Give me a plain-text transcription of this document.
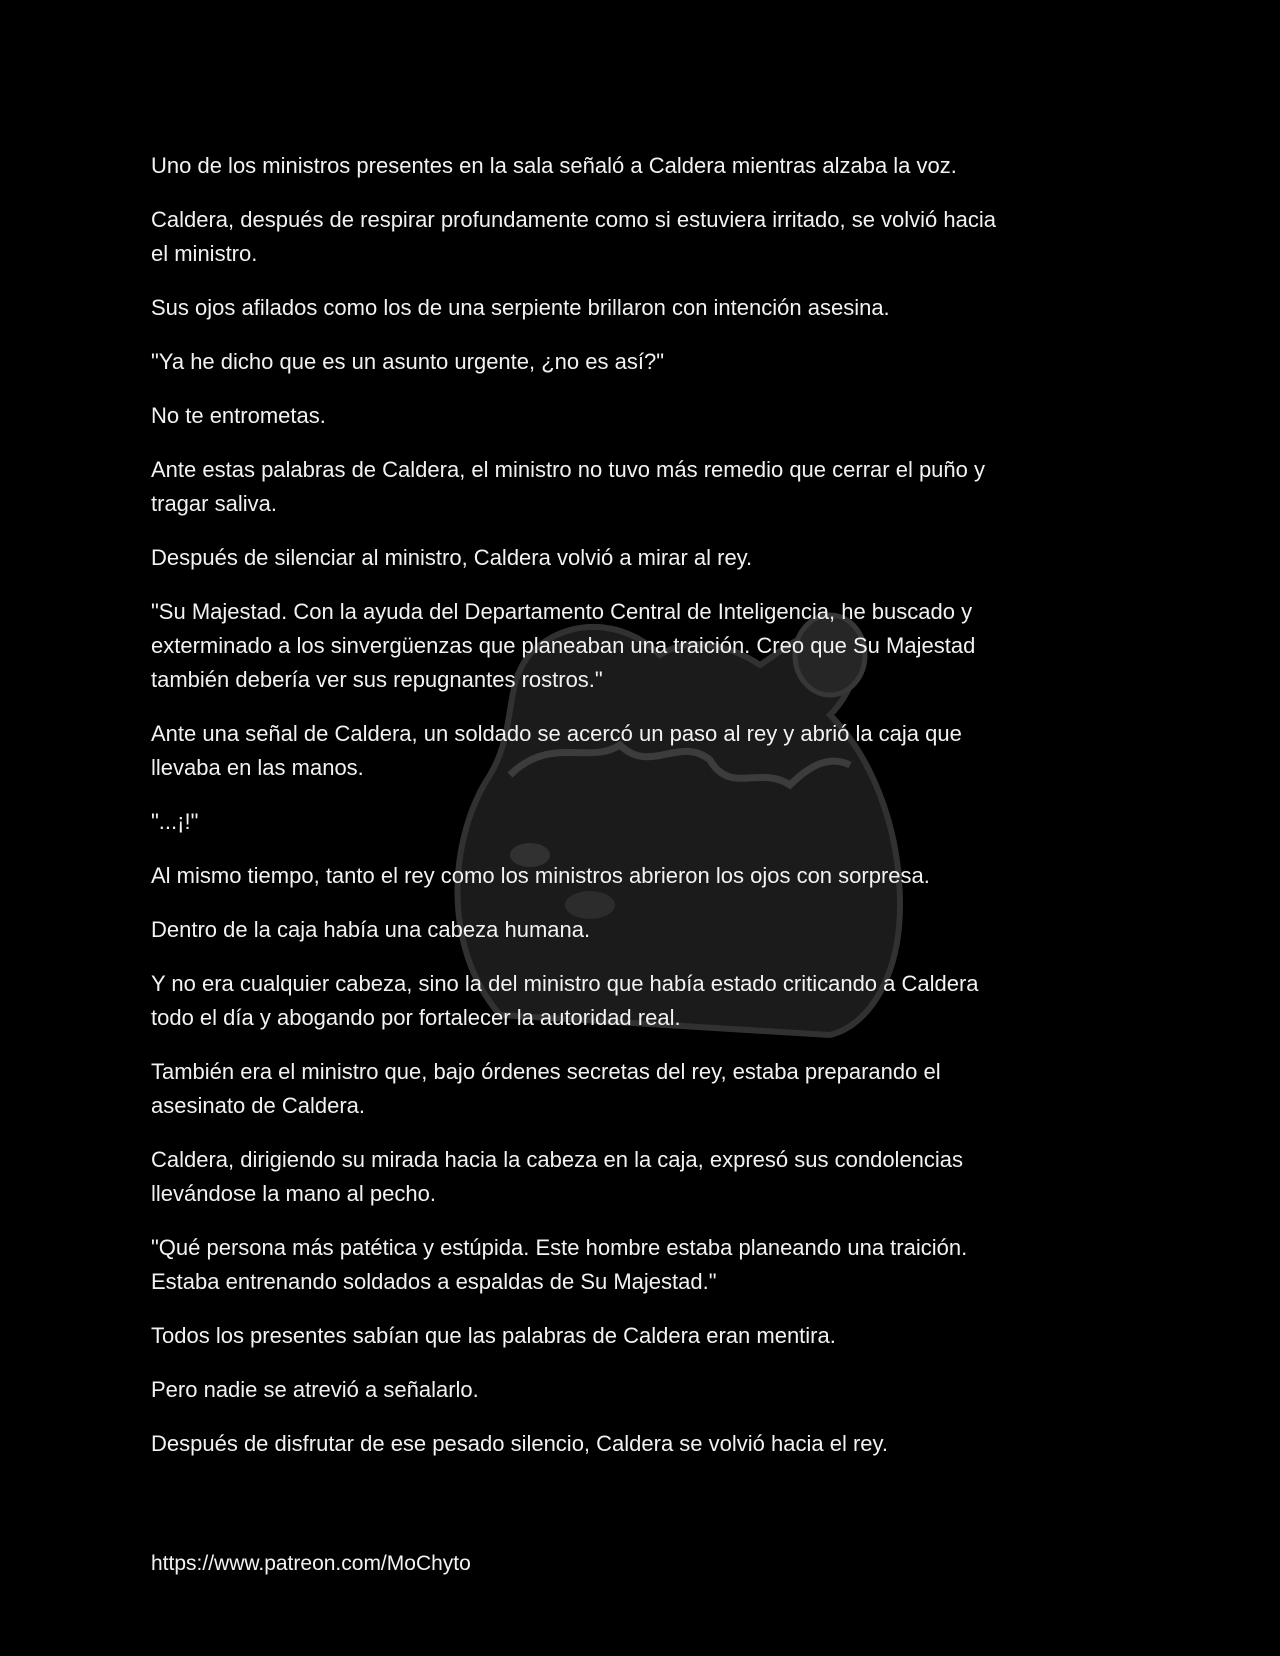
Uno de los ministros presentes en la sala señaló a Caldera mientras alzaba la voz.

Caldera, después de respirar profundamente como si estuviera irritado, se volvió hacia
el ministro.

Sus ojos afilados como los de una serpiente brillaron con intención asesina.

"Ya he dicho que es un asunto urgente, ¿no es así?"

No te entrometas.

Ante estas palabras de Caldera, el ministro no tuvo más remedio que cerrar el puño y
tragar saliva.

Después de silenciar al ministro, Caldera volvió a mirar al rey.

"Su Majestad. Con la ayuda del Departamento Central de Inteligencia, he buscado y
exterminado a los sinvergüenzas que planeaban una traición. Creo que Su Majestad
también debería ver sus repugnantes rostros."

Ante una señal de Caldera, un soldado se acercó un paso al rey y abrió la caja que
llevaba en las manos.

"...¡!"

Al mismo tiempo, tanto el rey como los ministros abrieron los ojos con sorpresa.

Dentro de la caja había una cabeza humana.

Y no era cualquier cabeza, sino la del ministro que había estado criticando a Caldera
todo el día y abogando por fortalecer la autoridad real.

También era el ministro que, bajo órdenes secretas del rey, estaba preparando el
asesinato de Caldera.

Caldera, dirigiendo su mirada hacia la cabeza en la caja, expresó sus condolencias
llevándose la mano al pecho.

"Qué persona más patética y estúpida. Este hombre estaba planeando una traición.
Estaba entrenando soldados a espaldas de Su Majestad."

Todos los presentes sabían que las palabras de Caldera eran mentira.

Pero nadie se atrevió a señalarlo.

Después de disfrutar de ese pesado silencio, Caldera se volvió hacia el rey.

https://www.patreon.com/MoChyto
